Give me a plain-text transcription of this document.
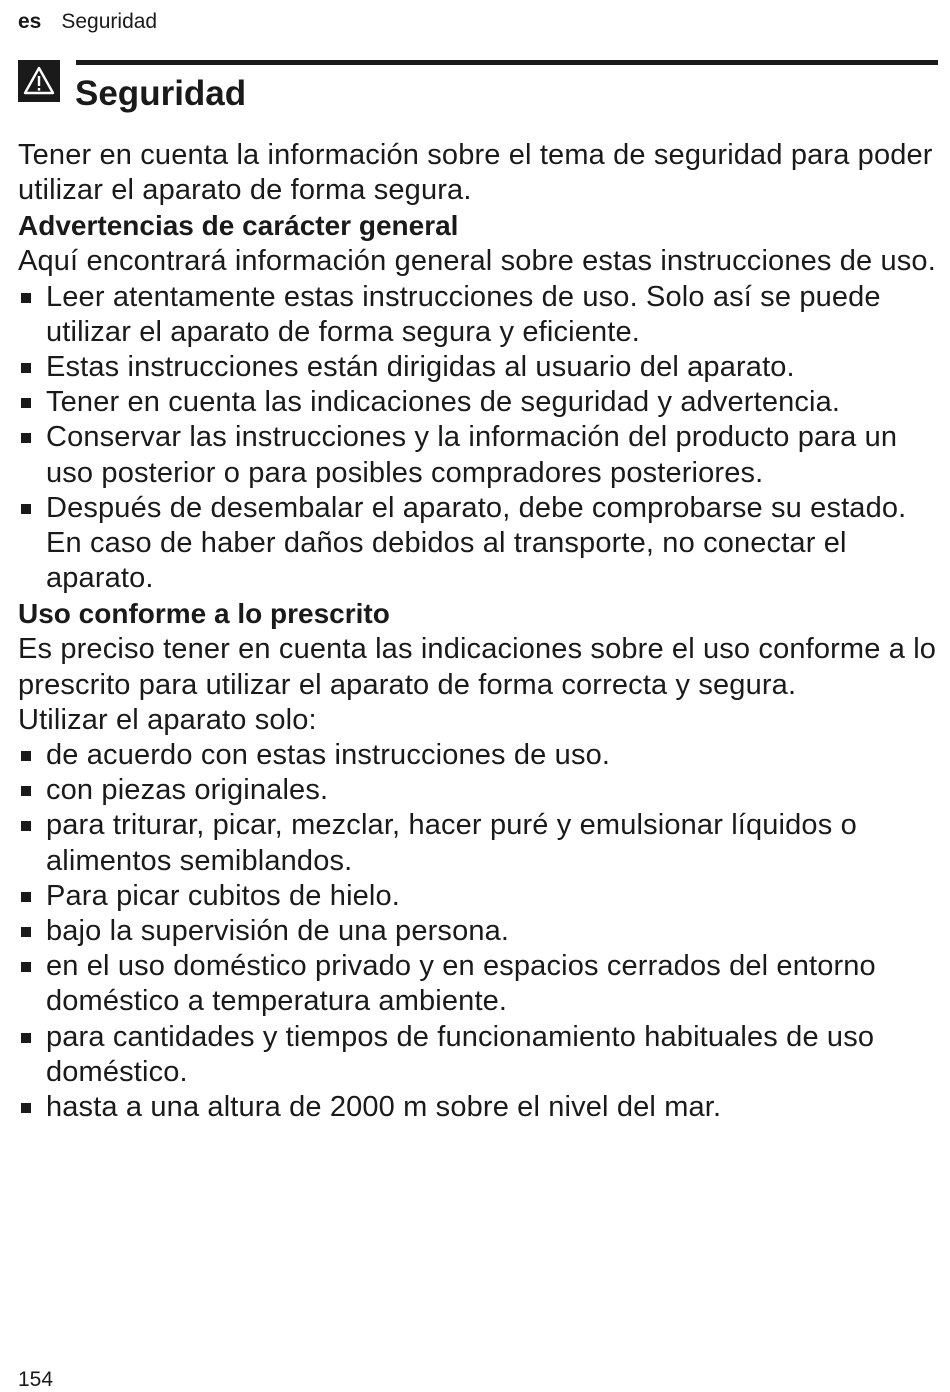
es Seguridad
Seguridad

Tener en cuenta la información sobre el tema de seguridad para poder utilizar el aparato de forma segura.

Advertencias de carácter general

Aquí encontrará información general sobre estas instrucciones de uso.

Leer atentamente estas instrucciones de uso. Solo así se puede utilizar el aparato de forma segura y eficiente.
Estas instrucciones están dirigidas al usuario del aparato.
Tener en cuenta las indicaciones de seguridad y advertencia.
Conservar las instrucciones y la información del producto para un uso posterior o para posibles compradores posteriores.
Después de desembalar el aparato, debe comprobarse su estado. En caso de haber daños debidos al transporte, no conectar el aparato.
Uso conforme a lo prescrito

Es preciso tener en cuenta las indicaciones sobre el uso conforme a lo prescrito para utilizar el aparato de forma correcta y segura.

Utilizar el aparato solo:

de acuerdo con estas instrucciones de uso.
con piezas originales.
para triturar, picar, mezclar, hacer puré y emulsionar líquidos o alimentos semiblandos.
Para picar cubitos de hielo.
bajo la supervisión de una persona.
en el uso doméstico privado y en espacios cerrados del entorno doméstico a temperatura ambiente.
para cantidades y tiempos de funcionamiento habituales de uso doméstico.
hasta a una altura de 2000 m sobre el nivel del mar.
154
